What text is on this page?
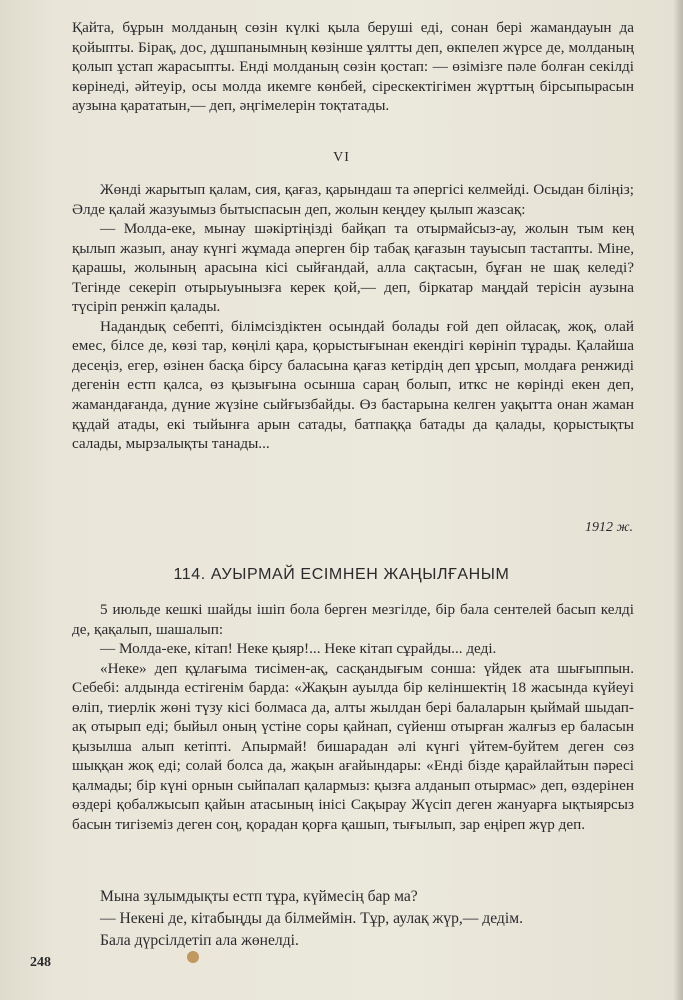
Қайта, бұрын молданың сөзін күлкі қыла беруші еді, сонан бері жамандауын да қойыпты. Бірақ, дос, дұшпанымның көзінше ұялтты деп, өкпелеп жүрсе де, молданың қолып ұстап жарасыпты. Енді молданың сөзін қостап: — өзімізге пәле болған секілді көрінеді, әйтеуір, осы молда икемге көнбей, сірескектігімен жүрттың бірсыпырасын аузына қарататын,— деп, әңгімелерін тоқтатады.

VI

Жөнді жарытып қалам, сия, қағаз, қарындаш та әпергісі келмейді. Осыдан біліңіз; Әлде қалай жазуымыз бытыспасын деп, жолын кеңдеу қылып жазсақ:

— Молда-еке, мынау шәкіртіңізді байқап та отырмайсыз-ау, жолын тым кең қылып жазып, анау күнгі жұмада әперген бір табақ қағазын тауысып тастапты. Міне, қарашы, жолының арасына кісі сыйғандай, алла сақтасын, бұған не шақ келеді? Тегінде секеріп отырыуынызға керек қой,— деп, біркатар маңдай терісін аузына түсіріп ренжіп қалады.

Надандық себепті, білімсіздіктен осындай болады ғой деп ойласақ, жоқ, олай емес, білсе де, көзі тар, көңілі қара, қорыстығынан екендігі көрініп тұрады. Қалайша десеңіз, егер, өзінен басқа бірсу баласына қағаз кетірдің деп ұрсып, молдаға ренжиді дегенін естп қалса, өз қызығына осынша сараң болып, иткс не көрінді екен деп, жамандағанда, дүние жүзіне сыйғызбайды. Өз бастарына келген уақытта онан жаман құдай атады, екі тыйынға арын сатады, батпаққа батады да қалады, қорыстықты салады, мырзалықты танады...

1912 ж.
114. АУЫРМАЙ ЕСІМНЕН ЖАҢЫЛҒАНЫМ

5 июльде кешкі шайды ішіп бола берген мезгілде, бір бала сентелей басып келді де, қақалып, шашалып:

— Молда-еке, кітап! Неке қыяр!... Неке кітап сұрайды... деді.

«Неке» деп құлағыма тисімен-ақ, сасқандығым сонша: үйдек ата шығыппын. Себебі: алдында естігенім барда: «Жақын ауылда бір келіншектің 18 жасында күйеуі өліп, тиерлік жөні түзу кісі болмаса да, алты жылдан бері балаларын қыймай шыдап-ақ отырып еді; быйыл оның үстіне соры қайнап, сүйенш отырған жалғыз ер баласын қызылша алып кетіпті. Апырмай! бишарадан әлі күнгі үйтем-буйтем деген сөз шыққан жоқ еді; солай болса да, жақын ағайындары: «Енді бізде қарайлайтын пәресі қалмады; бір күні орнын сыйпалап қалармыз: қызға алданып отырмас» деп, өздерінен өздері қобалжысып қайын атасының інісі Сақырау Жүсіп деген жануарға ықтыярсыз басын тигіземіз деген соң, қорадан қорға қашып, тығылып, зар еңіреп жүр деп.

Мына зұлымдықты естп тұра, күймесің бар ма?

— Некені де, кітабыңды да білмеймін. Тұр, аулақ жүр,— дедім.

Бала дүрсілдетіп ала жөнелді.

248
